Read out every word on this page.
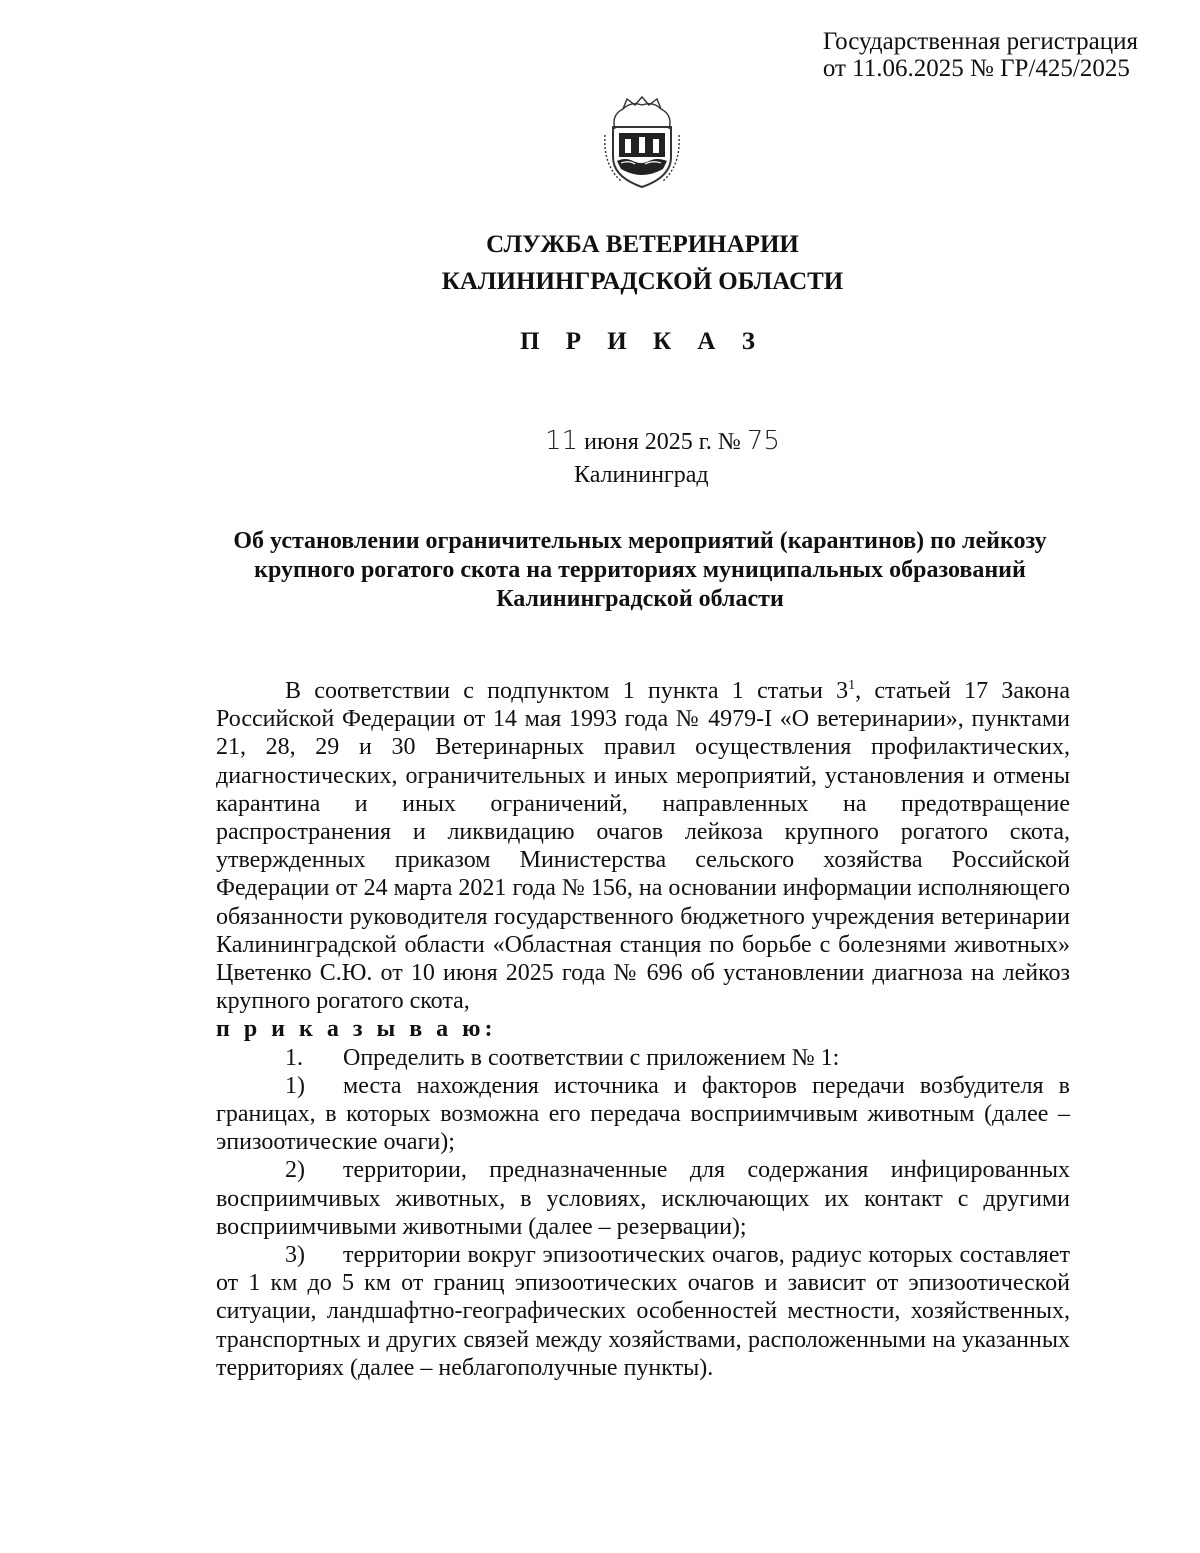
Государственная регистрация
от 11.06.2025 № ГР/425/2025
СЛУЖБА ВЕТЕРИНАРИИ
КАЛИНИНГРАДСКОЙ ОБЛАСТИ
П Р И К А З
11 июня 2025 г. № 75
Калининград
Об установлении ограничительных мероприятий (карантинов) по лейкозу
крупного рогатого скота на территориях муниципальных образований
Калининградской области

В соответствии с подпунктом 1 пункта 1 статьи $3^1$, статьей 17 Закона Российской Федерации от 14 мая 1993 года № 4979-I «О ветеринарии», пунктами 21, 28, 29 и 30 Ветеринарных правил осуществления профилактических, диагностических, ограничительных и иных мероприятий, установления и отмены карантина и иных ограничений, направленных на предотвращение распространения и ликвидацию очагов лейкоза крупного рогатого скота, утвержденных приказом Министерства сельского хозяйства Российской Федерации от 24 марта 2021 года № 156, на основании информации исполняющего обязанности руководителя государственного бюджетного учреждения ветеринарии Калининградской области «Областная станция по борьбе с болезнями животных» Цветенко С.Ю. от 10 июня 2025 года № 696 об установлении диагноза на лейкоз крупного рогатого скота,

п р и к а з ы в а ю:

1. Определить в соответствии с приложением № 1:

1) места нахождения источника и факторов передачи возбудителя в границах, в которых возможна его передача восприимчивым животным (далее – эпизоотические очаги);

2) территории, предназначенные для содержания инфицированных восприимчивых животных, в условиях, исключающих их контакт с другими восприимчивыми животными (далее – резервации);

3) территории вокруг эпизоотических очагов, радиус которых составляет от 1 км до 5 км от границ эпизоотических очагов и зависит от эпизоотической ситуации, ландшафтно-географических особенностей местности, хозяйственных, транспортных и других связей между хозяйствами, расположенными на указанных территориях (далее – неблагополучные пункты).
